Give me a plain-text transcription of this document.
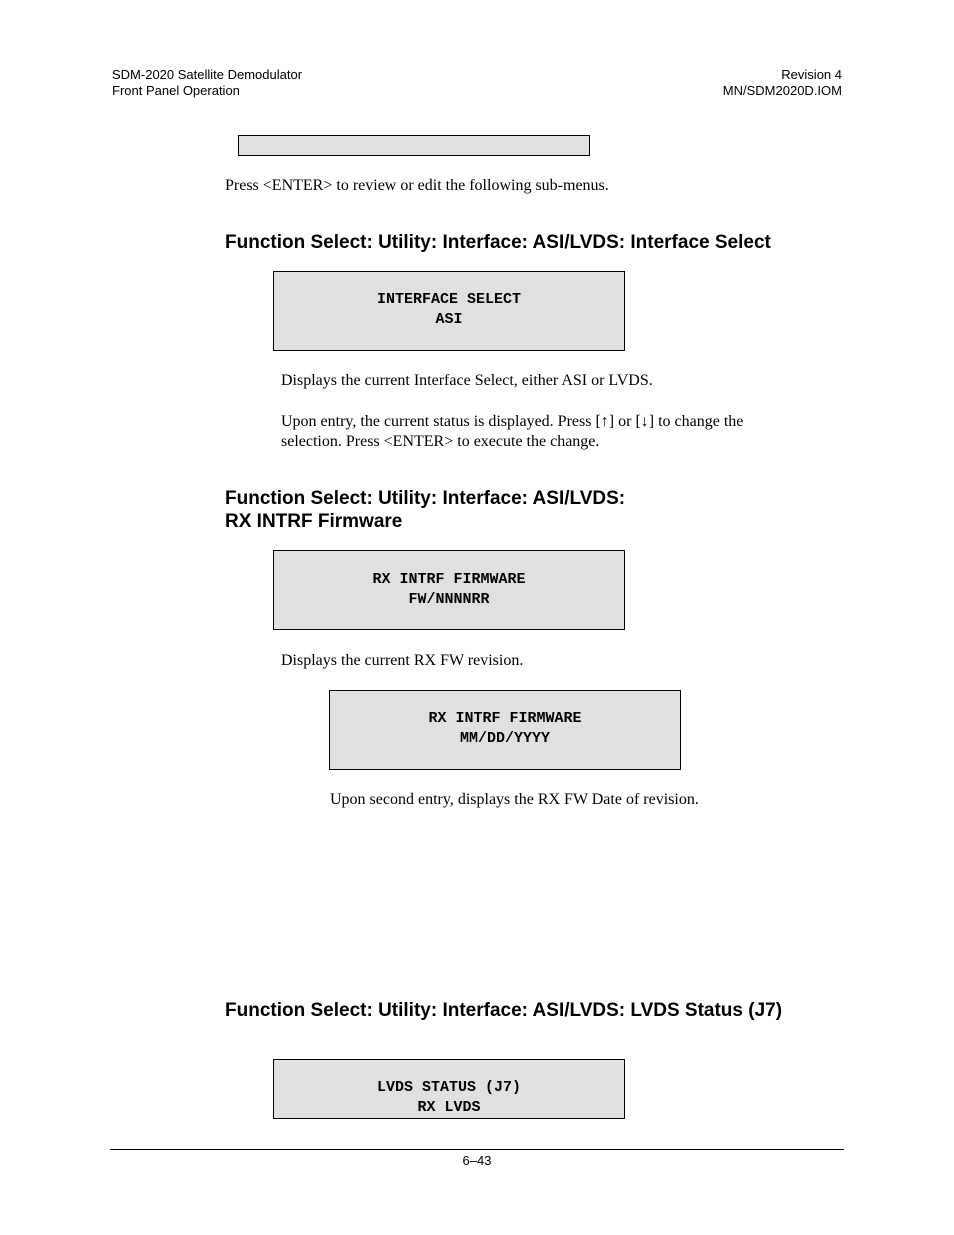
SDM-2020 Satellite Demodulator
Front Panel Operation
Revision 4
MN/SDM2020D.IOM
Press <ENTER> to review or edit the following sub-menus.
Function Select: Utility: Interface: ASI/LVDS: Interface Select
INTERFACE SELECT
ASI
Displays the current Interface Select, either ASI or LVDS.
Upon entry, the current status is displayed. Press [↑] or [↓] to change the
selection. Press <ENTER> to execute the change.
Function Select: Utility: Interface: ASI/LVDS:
RX INTRF Firmware
RX INTRF FIRMWARE
FW/NNNNRR
Displays the current RX FW revision.
RX INTRF FIRMWARE
MM/DD/YYYY
Upon second entry, displays the RX FW Date of revision.
Function Select: Utility: Interface: ASI/LVDS: LVDS Status (J7)
LVDS STATUS (J7)
RX LVDS
6–43
